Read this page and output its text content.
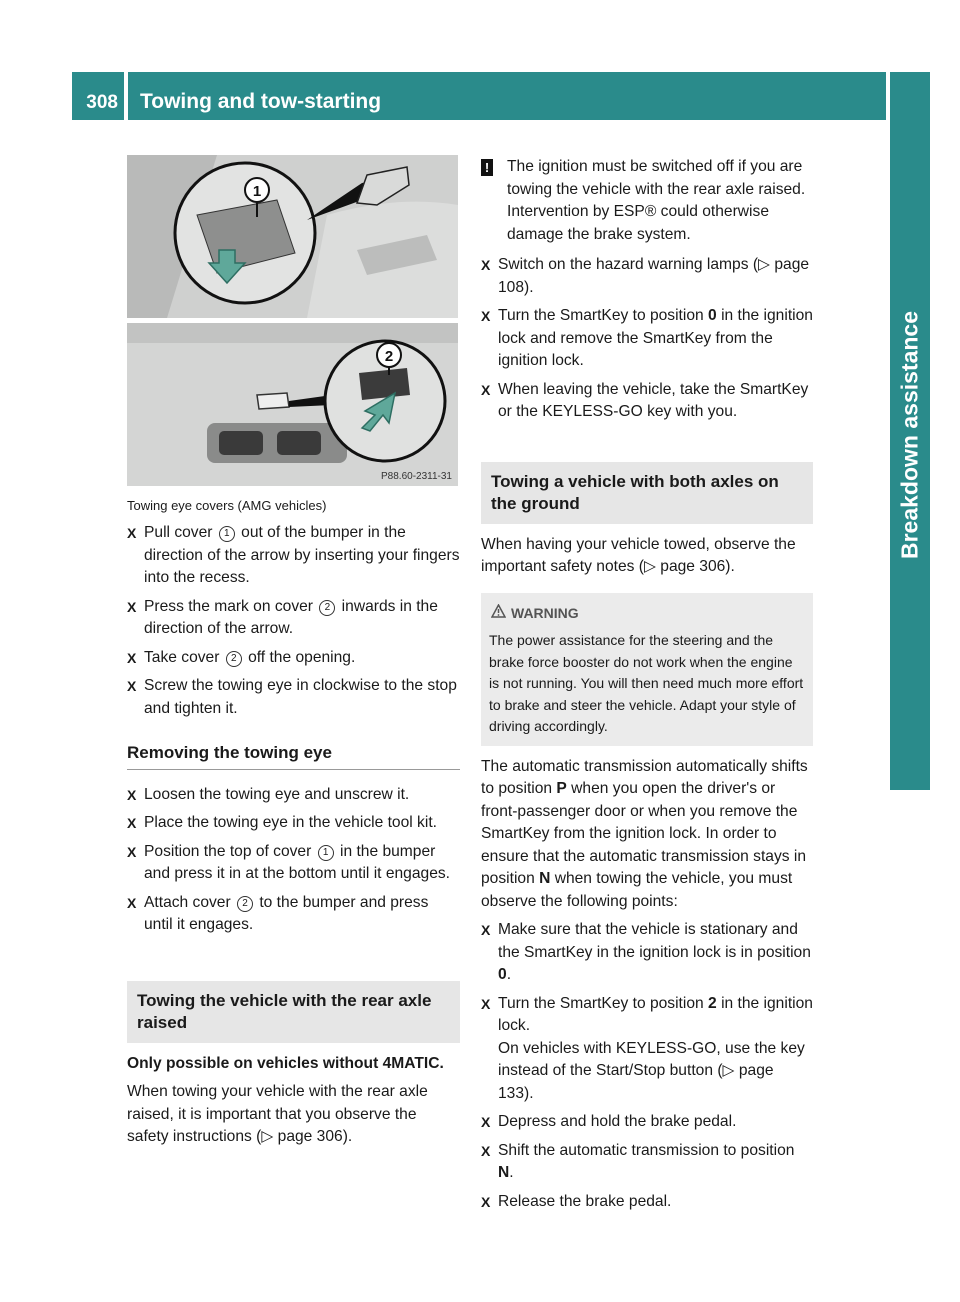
308 Towing and tow-starting
Breakdown assistance
1
2
P88.60-2311-31
Towing eye covers (AMG vehicles)
X Pull cover 1 out of the bumper in the direction of the arrow by inserting your fingers into the recess.
X Press the mark on cover 2 inwards in the direction of the arrow.
X Take cover 2 off the opening.
X Screw the towing eye in clockwise to the stop and tighten it.
Removing the towing eye
X Loosen the towing eye and unscrew it.
X Place the towing eye in the vehicle tool kit.
X Position the top of cover 1 in the bumper and press it in at the bottom until it engages.
X Attach cover 2 to the bumper and press until it engages.
Towing the vehicle with the rear axle raised
Only possible on vehicles without 4MATIC.
When towing your vehicle with the rear axle raised, it is important that you observe the safety instructions (▷ page 306).
! The ignition must be switched off if you are towing the vehicle with the rear axle raised. Intervention by ESP® could otherwise damage the brake system.
X Switch on the hazard warning lamps (▷ page 108).
X Turn the SmartKey to position 0 in the ignition lock and remove the SmartKey from the ignition lock.
X When leaving the vehicle, take the SmartKey or the KEYLESS-GO key with you.
Towing a vehicle with both axles on the ground
When having your vehicle towed, observe the important safety notes (▷ page 306).
WARNING
The power assistance for the steering and the brake force booster do not work when the engine is not running. You will then need much more effort to brake and steer the vehicle. Adapt your style of driving accordingly.
The automatic transmission automatically shifts to position P when you open the driver's or front-passenger door or when you remove the SmartKey from the ignition lock. In order to ensure that the automatic transmission stays in position N when towing the vehicle, you must observe the following points:
X Make sure that the vehicle is stationary and the SmartKey in the ignition lock is in position 0.
X Turn the SmartKey to position 2 in the ignition lock.
On vehicles with KEYLESS-GO, use the key instead of the Start/Stop button (▷ page 133).
X Depress and hold the brake pedal.
X Shift the automatic transmission to position N.
X Release the brake pedal.
